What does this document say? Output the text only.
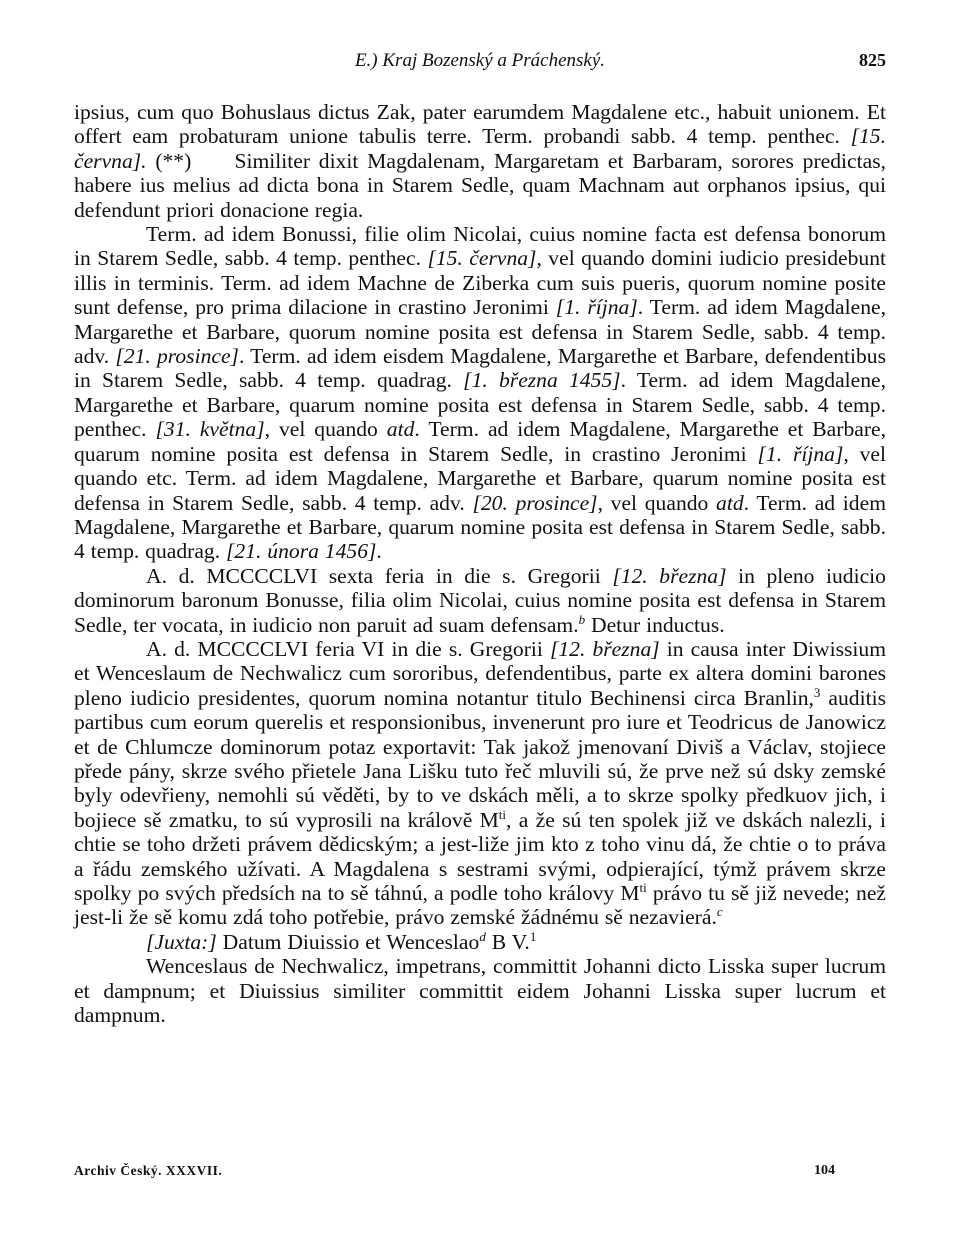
E.) Kraj Bozenský a Práchenský.	825

ipsius, cum quo Bohuslaus dictus Zak, pater earumdem Magdalene etc., habuit unionem. Et offert eam probaturam unione tabulis terre. Term. probandi sabb. 4 temp. penthec. [15. června]. (**)  Similiter dixit Magdalenam, Margaretam et Barbaram, sorores predictas, habere ius melius ad dicta bona in Starem Sedle, quam Machnam aut orphanos ipsius, qui defendunt priori donacione regia.

Term. ad idem Bonussi, filie olim Nicolai, cuius nomine facta est defensa bonorum in Starem Sedle, sabb. 4 temp. penthec. [15. června], vel quando domini iudicio presidebunt illis in terminis. Term. ad idem Machne de Ziberka cum suis pueris, quorum nomine posite sunt defense, pro prima dilacione in crastino Jeronimi [1. října]. Term. ad idem Magdalene, Margarethe et Barbare, quorum nomine posita est defensa in Starem Sedle, sabb. 4 temp. adv. [21. prosince]. Term. ad idem eisdem Magdalene, Margarethe et Barbare, defendentibus in Starem Sedle, sabb. 4 temp. quadrag. [1. března 1455]. Term. ad idem Magdalene, Margarethe et Barbare, quarum nomine posita est defensa in Starem Sedle, sabb. 4 temp. penthec. [31. května], vel quando atd. Term. ad idem Magdalene, Margarethe et Barbare, quarum nomine posita est defensa in Starem Sedle, in crastino Jeronimi [1. října], vel quando etc. Term. ad idem Magdalene, Margarethe et Barbare, quarum nomine posita est defensa in Starem Sedle, sabb. 4 temp. adv. [20. prosince], vel quando atd. Term. ad idem Magdalene, Margarethe et Barbare, quarum nomine posita est defensa in Starem Sedle, sabb. 4 temp. quadrag. [21. února 1456].

A. d. MCCCCLVI sexta feria in die s. Gregorii [12. března] in pleno iudicio dominorum baronum Bonusse, filia olim Nicolai, cuius nomine posita est defensa in Starem Sedle, ter vocata, in iudicio non paruit ad suam defensam.$^b$ Detur inductus.

A. d. MCCCCLVI feria VI in die s. Gregorii [12. března] in causa inter Diwissium et Wenceslaum de Nechwalicz cum sororibus, defendentibus, parte ex altera domini barones pleno iudicio presidentes, quorum nomina notantur titulo Bechinensi circa Branlin,$^3$ auditis partibus cum eorum querelis et responsionibus, invenerunt pro iure et Teodricus de Janowicz et de Chlumcze dominorum potaz exportavit: Tak jakož jmenovaní Diviš a Václav, stojiece přede pány, skrze svého přietele Jana Lišku tuto řeč mluvili sú, že prve než sú dsky zemské byly odevřieny, nemohli sú věděti, by to ve dskách měli, a to skrze spolky předkuov jich, i bojiece sě zmatku, to sú vyprosili na královĕ $M^{ti}$, a že sú ten spolek již ve dskách nalezli, i chtie se toho držeti právem dědicským; a jest-liže jim kto z toho vinu dá, že chtie o to práva a řádu zemského užívati. A Magdalena s sestrami svými, odpierající, týmž právem skrze spolky po svých předsích na to sě táhnú, a podle toho královy $M^{ti}$ právo tu sě již nevede; než jest-li že sě komu zdá toho potřebie, právo zemské žádnému sě nezavierá.$^c$

[Juxta:] Datum Diuissio et Wenceslao$^d$ B V.$^1$

Wenceslaus de Nechwalicz, impetrans, committit Johanni dicto Lisska super lucrum et dampnum; et Diuissius similiter committit eidem Johanni Lisska super lucrum et dampnum.

Archiv Český. XXXVII.	104
